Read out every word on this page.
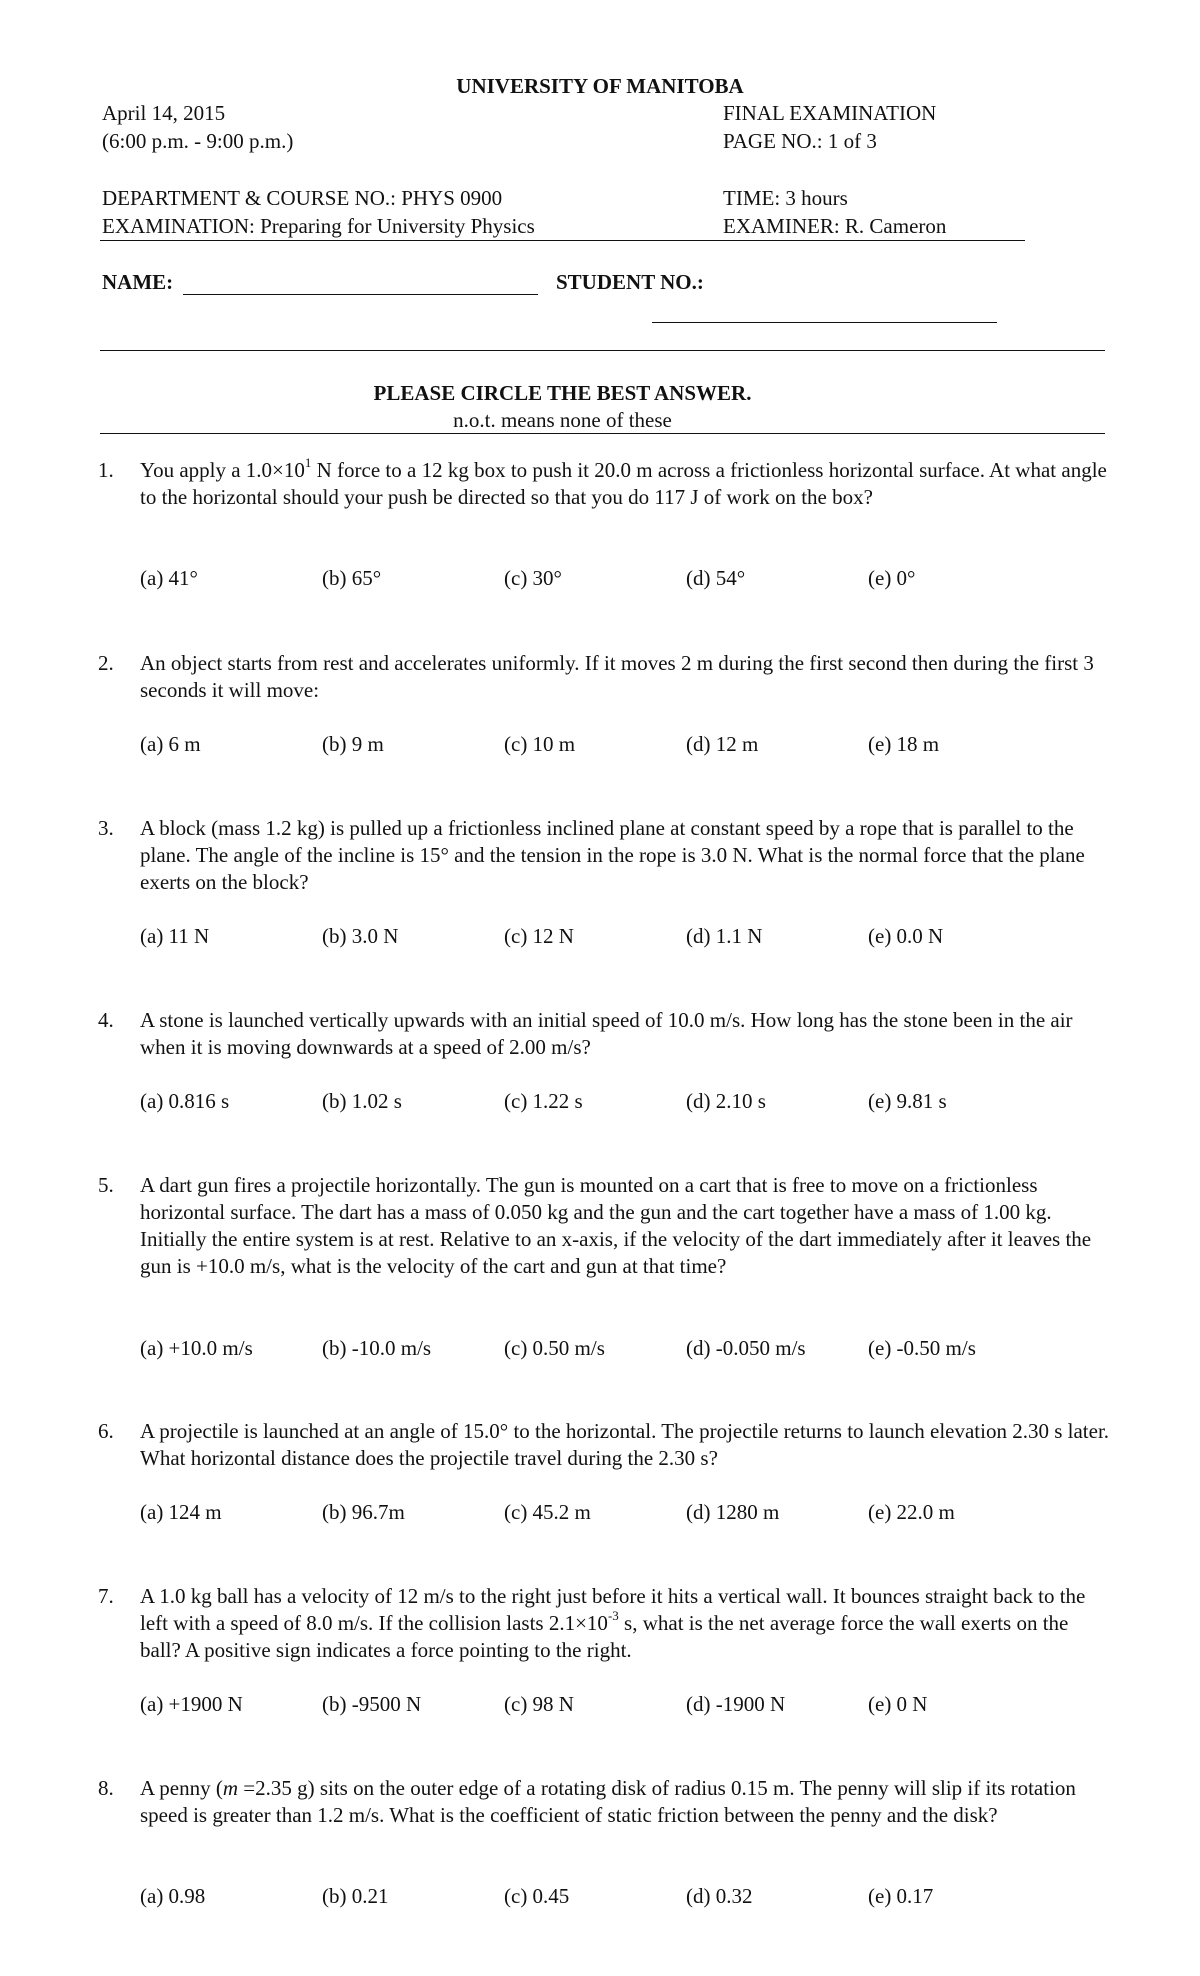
UNIVERSITY OF MANITOBA
April 14, 2015
(6:00 p.m. - 9:00 p.m.)
FINAL EXAMINATION
PAGE NO.: 1 of 3
DEPARTMENT & COURSE NO.: PHYS 0900
EXAMINATION: Preparing for University Physics
TIME: 3 hours
EXAMINER: R. Cameron
NAME:	STUDENT NO.:
PLEASE CIRCLE THE BEST ANSWER.
n.o.t. means none of these
1. You apply a $1.0\times 10^1$ N force to a 12 kg box to push it 20.0 m across a frictionless horizontal surface. At what angle to the horizontal should your push be directed so that you do 117 J of work on the box?
(a) 41°	(b) 65°	(c) 30°	(d) 54°	(e) 0°
2. An object starts from rest and accelerates uniformly. If it moves 2 m during the first second then during the first 3 seconds it will move:
(a) 6 m	(b) 9 m	(c) 10 m	(d) 12 m	(e) 18 m
3. A block (mass 1.2 kg) is pulled up a frictionless inclined plane at constant speed by a rope that is parallel to the plane. The angle of the incline is 15° and the tension in the rope is 3.0 N. What is the normal force that the plane exerts on the block?
(a) 11 N	(b) 3.0 N	(c) 12 N	(d) 1.1 N	(e) 0.0 N
4. A stone is launched vertically upwards with an initial speed of 10.0 m/s. How long has the stone been in the air when it is moving downwards at a speed of 2.00 m/s?
(a) 0.816 s	(b) 1.02 s	(c) 1.22 s	(d) 2.10 s	(e) 9.81 s
5. A dart gun fires a projectile horizontally. The gun is mounted on a cart that is free to move on a frictionless horizontal surface. The dart has a mass of 0.050 kg and the gun and the cart together have a mass of 1.00 kg. Initially the entire system is at rest. Relative to an x-axis, if the velocity of the dart immediately after it leaves the gun is +10.0 m/s, what is the velocity of the cart and gun at that time?
(a) +10.0 m/s	(b) -10.0 m/s	(c) 0.50 m/s	(d) -0.050 m/s	(e) -0.50 m/s
6. A projectile is launched at an angle of 15.0° to the horizontal. The projectile returns to launch elevation 2.30 s later. What horizontal distance does the projectile travel during the 2.30 s?
(a) 124 m	(b) 96.7m	(c) 45.2 m	(d) 1280 m	(e) 22.0 m
7. A 1.0 kg ball has a velocity of 12 m/s to the right just before it hits a vertical wall. It bounces straight back to the left with a speed of 8.0 m/s. If the collision lasts $2.1\times 10^{-3}$ s, what is the net average force the wall exerts on the ball? A positive sign indicates a force pointing to the right.
(a) +1900 N	(b) -9500 N	(c) 98 N	(d) -1900 N	(e) 0 N
8. A penny (m =2.35 g) sits on the outer edge of a rotating disk of radius 0.15 m. The penny will slip if its rotation speed is greater than 1.2 m/s. What is the coefficient of static friction between the penny and the disk?
(a) 0.98	(b) 0.21	(c) 0.45	(d) 0.32	(e) 0.17
